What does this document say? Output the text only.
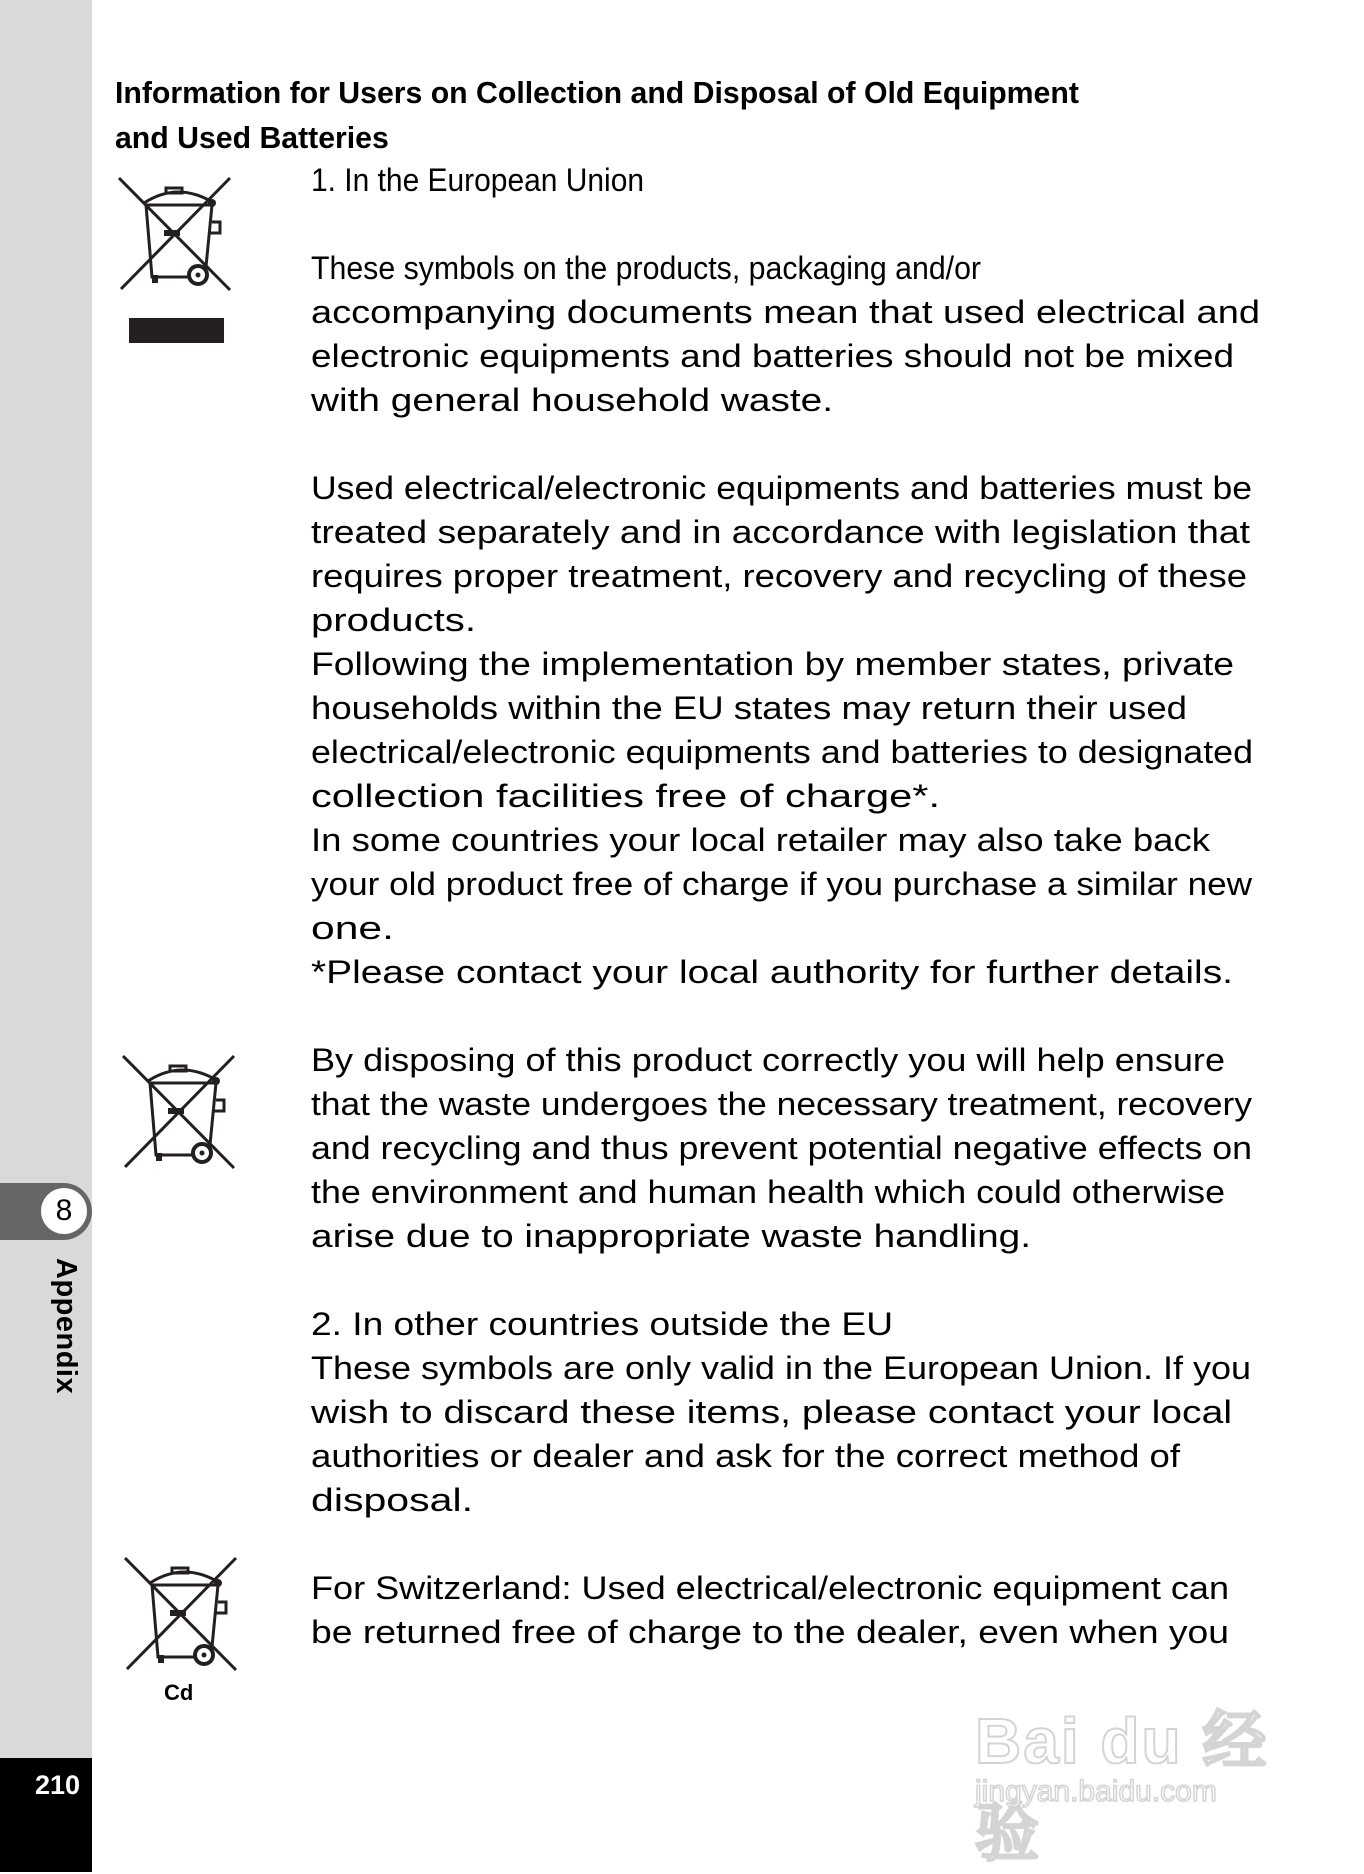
8
Appendix
210
Information for Users on Collection and Disposal of Old Equipment
and Used Batteries
Cd
1. In the European Union
These symbols on the products, packaging and/or
accompanying documents mean that used electrical and
electronic equipments and batteries should not be mixed
with general household waste.
Used electrical/electronic equipments and batteries must be
treated separately and in accordance with legislation that
requires proper treatment, recovery and recycling of these
products.
Following the implementation by member states, private
households within the EU states may return their used
electrical/electronic equipments and batteries to designated
collection facilities free of charge*.
In some countries your local retailer may also take back
your old product free of charge if you purchase a similar new
one.
*Please contact your local authority for further details.
By disposing of this product correctly you will help ensure
that the waste undergoes the necessary treatment, recovery
and recycling and thus prevent potential negative effects on
the environment and human health which could otherwise
arise due to inappropriate waste handling.
2. In other countries outside the EU
These symbols are only valid in the European Union. If you
wish to discard these items, please contact your local
authorities or dealer and ask for the correct method of
disposal.
For Switzerland: Used electrical/electronic equipment can
be returned free of charge to the dealer, even when you
Bai du 经验
jingyan.baidu.com
